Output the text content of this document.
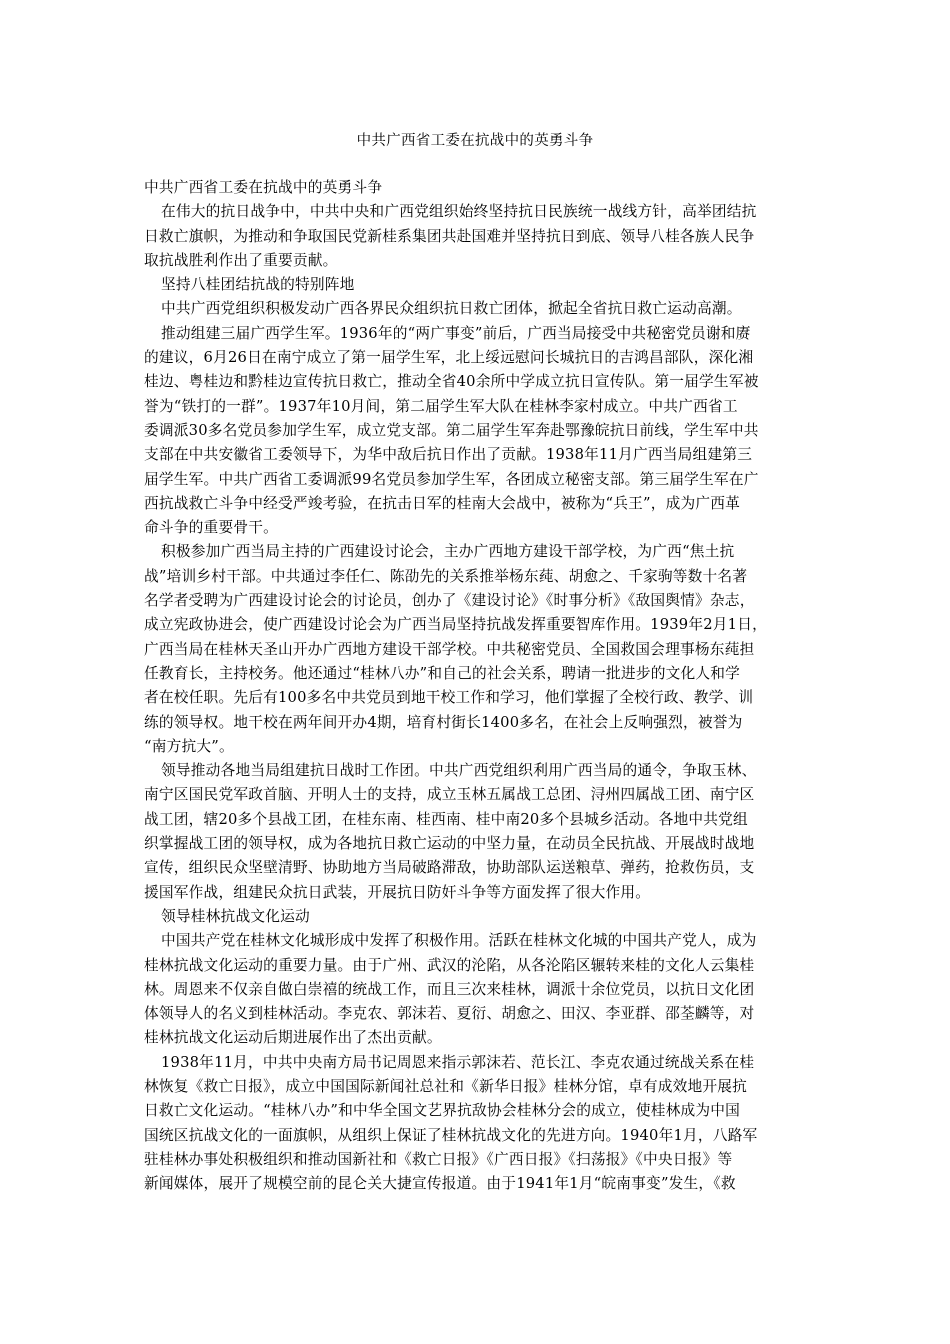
中共广西省工委在抗战中的英勇斗争
中共广西省工委在抗战中的英勇斗争
在伟大的抗日战争中，中共中央和广西党组织始终坚持抗日民族统一战线方针，高举团结抗
日救亡旗帜，为推动和争取国民党新桂系集团共赴国难并坚持抗日到底、领导八桂各族人民争
取抗战胜利作出了重要贡献。
坚持八桂团结抗战的特别阵地
中共广西党组织积极发动广西各界民众组织抗日救亡团体，掀起全省抗日救亡运动高潮。
推动组建三届广西学生军。1936年的“两广事变”前后，广西当局接受中共秘密党员谢和赓
的建议，6月26日在南宁成立了第一届学生军，北上绥远慰问长城抗日的吉鸿昌部队，深化湘
桂边、粤桂边和黔桂边宣传抗日救亡，推动全省40余所中学成立抗日宣传队。第一届学生军被
誉为“铁打的一群”。1937年10月间，第二届学生军大队在桂林李家村成立。中共广西省工
委调派30多名党员参加学生军，成立党支部。第二届学生军奔赴鄂豫皖抗日前线，学生军中共
支部在中共安徽省工委领导下，为华中敌后抗日作出了贡献。1938年11月广西当局组建第三
届学生军。中共广西省工委调派99名党员参加学生军，各团成立秘密支部。第三届学生军在广
西抗战救亡斗争中经受严竣考验，在抗击日军的桂南大会战中，被称为“兵王”，成为广西革
命斗争的重要骨干。
积极参加广西当局主持的广西建设讨论会，主办广西地方建设干部学校，为广西“焦土抗
战”培训乡村干部。中共通过李任仁、陈劭先的关系推举杨东莼、胡愈之、千家驹等数十名著
名学者受聘为广西建设讨论会的讨论员，创办了《建设讨论》《时事分析》《敌国舆情》杂志，
成立宪政协进会，使广西建设讨论会为广西当局坚持抗战发挥重要智库作用。1939年2月1日，
广西当局在桂林天圣山开办广西地方建设干部学校。中共秘密党员、全国救国会理事杨东莼担
任教育长，主持校务。他还通过“桂林八办”和自己的社会关系，聘请一批进步的文化人和学
者在校任职。先后有100多名中共党员到地干校工作和学习，他们掌握了全校行政、教学、训
练的领导权。地干校在两年间开办4期，培育村街长1400多名，在社会上反响强烈，被誉为
“南方抗大”。
领导推动各地当局组建抗日战时工作团。中共广西党组织利用广西当局的通令，争取玉林、
南宁区国民党军政首脑、开明人士的支持，成立玉林五属战工总团、浔州四属战工团、南宁区
战工团，辖20多个县战工团，在桂东南、桂西南、桂中南20多个县城乡活动。各地中共党组
织掌握战工团的领导权，成为各地抗日救亡运动的中坚力量，在动员全民抗战、开展战时战地
宣传，组织民众坚壁清野、协助地方当局破路滞敌，协助部队运送粮草、弹药，抢救伤员，支
援国军作战，组建民众抗日武装，开展抗日防奸斗争等方面发挥了很大作用。
领导桂林抗战文化运动
中国共产党在桂林文化城形成中发挥了积极作用。活跃在桂林文化城的中国共产党人，成为
桂林抗战文化运动的重要力量。由于广州、武汉的沦陷，从各沦陷区辗转来桂的文化人云集桂
林。周恩来不仅亲自做白崇禧的统战工作，而且三次来桂林，调派十余位党员，以抗日文化团
体领导人的名义到桂林活动。李克农、郭沫若、夏衍、胡愈之、田汉、李亚群、邵荃麟等，对
桂林抗战文化运动后期进展作出了杰出贡献。
1938年11月，中共中央南方局书记周恩来指示郭沫若、范长江、李克农通过统战关系在桂
林恢复《救亡日报》，成立中国国际新闻社总社和《新华日报》桂林分馆，卓有成效地开展抗
日救亡文化运动。“桂林八办”和中华全国文艺界抗敌协会桂林分会的成立，使桂林成为中国
国统区抗战文化的一面旗帜，从组织上保证了桂林抗战文化的先进方向。1940年1月，八路军
驻桂林办事处积极组织和推动国新社和《救亡日报》《广西日报》《扫荡报》《中央日报》等
新闻媒体，展开了规模空前的昆仑关大捷宣传报道。由于1941年1月“皖南事变”发生，《救
